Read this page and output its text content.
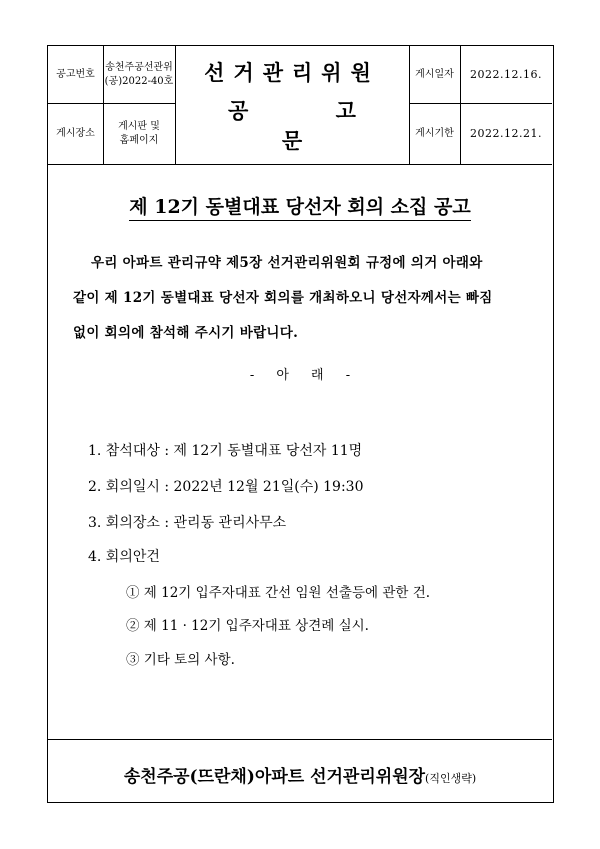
공고번호
송천주공선관위
(공)2022-40호
게시장소
게시판 및
홈페이지
선거관리위원
공 고 문
게시일자	2022.12.16.
게시기한	2022.12.21.
제 12기 동별대표 당선자 회의 소집 공고
우리 아파트 관리규약 제5장 선거관리위원회 규정에 의거 아래와
같이 제 12기 동별대표 당선자 회의를 개최하오니 당선자께서는 빠짐
없이 회의에 참석해 주시기 바랍니다.
- 아 래 -
1. 참석대상 : 제 12기 동별대표 당선자 11명
2. 회의일시 : 2022년 12월 21일(수) 19:30
3. 회의장소 : 관리동 관리사무소
4. 회의안건
① 제 12기 입주자대표 간선 임원 선출등에 관한 건.
② 제 11 · 12기 입주자대표 상견례 실시.
③ 기타 토의 사항.
송천주공(뜨란채)아파트 선거관리위원장(직인생략)
